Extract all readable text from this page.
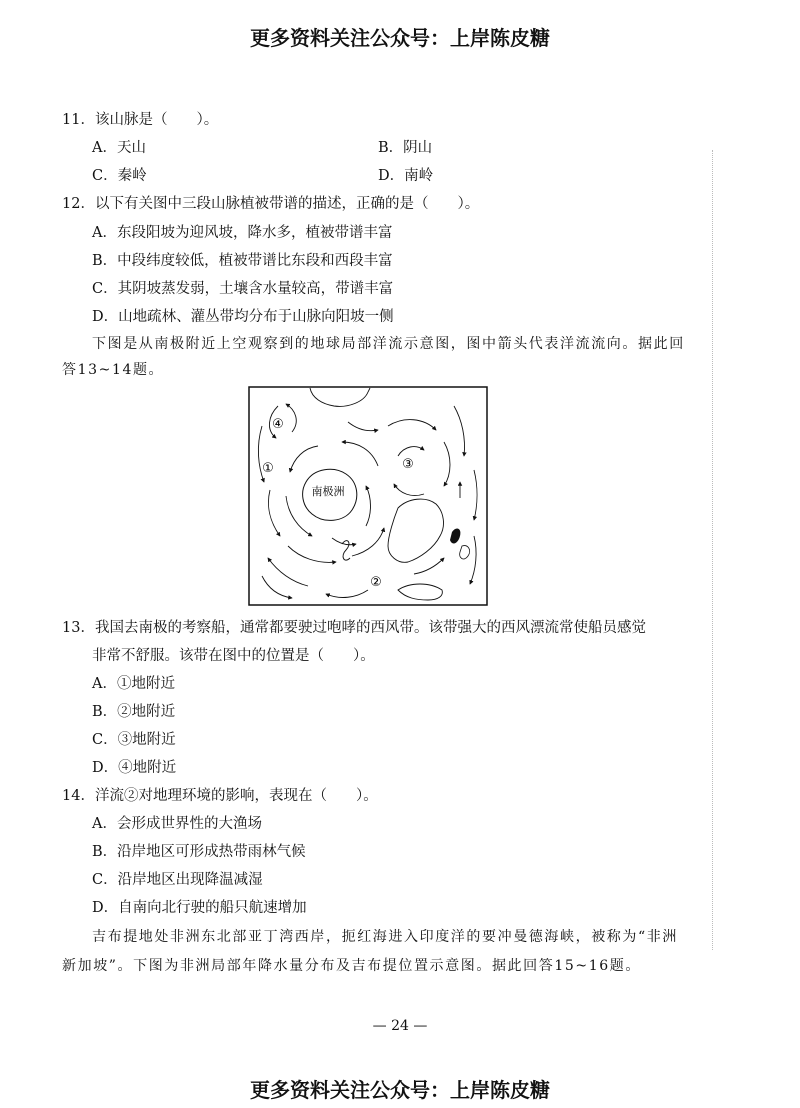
更多资料关注公众号：上岸陈皮糖
11．该山脉是（　　）。
A．天山	B．阴山
C．秦岭	D．南岭
12．以下有关图中三段山脉植被带谱的描述，正确的是（　　）。
A．东段阳坡为迎风坡，降水多，植被带谱丰富
B．中段纬度较低，植被带谱比东段和西段丰富
C．其阴坡蒸发弱，土壤含水量较高，带谱丰富
D．山地疏林、灌丛带均分布于山脉向阳坡一侧
下图是从南极附近上空观察到的地球局部洋流示意图，图中箭头代表洋流流向。据此回
答13~14题。
南极洲
④
①	③
②
13．我国去南极的考察船，通常都要驶过咆哮的西风带。该带强大的西风漂流常使船员感觉
非常不舒服。该带在图中的位置是（　　）。
A．①地附近
B．②地附近
C．③地附近
D．④地附近
14．洋流②对地理环境的影响，表现在（　　）。
A．会形成世界性的大渔场
B．沿岸地区可形成热带雨林气候
C．沿岸地区出现降温减湿
D．自南向北行驶的船只航速增加
吉布提地处非洲东北部亚丁湾西岸，扼红海进入印度洋的要冲曼德海峡，被称为“非洲
新加坡”。下图为非洲局部年降水量分布及吉布提位置示意图。据此回答15~16题。
— 24 —
更多资料关注公众号：上岸陈皮糖
